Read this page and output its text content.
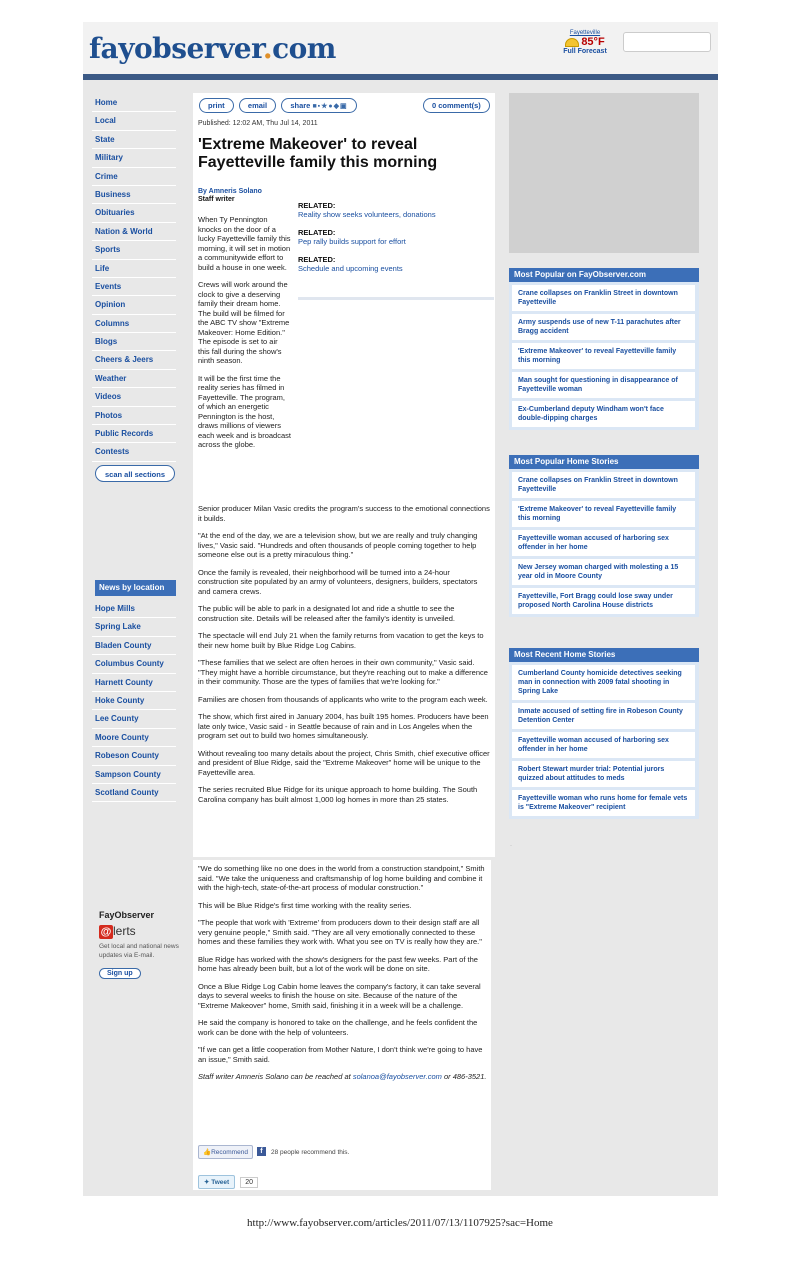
fayobserver.com	Fayetteville
85°F
Full Forecast
Home
Local
State
Military
Crime
Business
Obituaries
Nation & World
Sports
Life
Events
Opinion
Columns
Blogs
Cheers & Jeers
Weather
Videos
Photos
Public Records
Contests
scan all sections
News by location
Hope Mills
Spring Lake
Bladen County
Columbus County
Harnett County
Hoke County
Lee County
Moore County
Robeson County
Sampson County
Scotland County
print	email	share ■▪★●◆▣	0 comment(s)
Published: 12:02 AM, Thu Jul 14, 2011
'Extreme Makeover' to reveal Fayetteville family this morning
By Amneris Solano
Staff writer
RELATED:
Reality show seeks volunteers, donations
RELATED:
Pep rally builds support for effort
RELATED:
Schedule and upcoming events

When Ty Pennington knocks on the door of a lucky Fayetteville family this morning, it will set in motion a communitywide effort to build a house in one week.

Crews will work around the clock to give a deserving family their dream home. The build will be filmed for the ABC TV show "Extreme Makeover: Home Edition." The episode is set to air this fall during the show's ninth season.

It will be the first time the reality series has filmed in Fayetteville. The program, of which an energetic Pennington is the host, draws millions of viewers each week and is broadcast across the globe.

Senior producer Milan Vasic credits the program's success to the emotional connections it builds.

"At the end of the day, we are a television show, but we are really and truly changing lives," Vasic said. "Hundreds and often thousands of people coming together to help someone else out is a pretty miraculous thing."

Once the family is revealed, their neighborhood will be turned into a 24-hour construction site populated by an army of volunteers, designers, builders, spectators and camera crews.

The public will be able to park in a designated lot and ride a shuttle to see the construction site. Details will be released after the family's identity is unveiled.

The spectacle will end July 21 when the family returns from vacation to get the keys to their new home built by Blue Ridge Log Cabins.

"These families that we select are often heroes in their own community," Vasic said. "They might have a horrible circumstance, but they're reaching out to make a difference in their community. Those are the types of families that we're looking for."

Families are chosen from thousands of applicants who write to the program each week.

The show, which first aired in January 2004, has built 195 homes. Producers have been late only twice, Vasic said - in Seattle because of rain and in Los Angeles when the program set out to build two homes simultaneously.

Without revealing too many details about the project, Chris Smith, chief executive officer and president of Blue Ridge, said the "Extreme Makeover" home will be unique to the Fayetteville area.

The series recruited Blue Ridge for its unique approach to home building. The South Carolina company has built almost 1,000 log homes in more than 25 states.

"We do something like no one does in the world from a construction standpoint," Smith said. "We take the uniqueness and craftsmanship of log home building and combine it with the high-tech, state-of-the-art process of modular construction."

This will be Blue Ridge's first time working with the reality series.

"The people that work with 'Extreme' from producers down to their design staff are all very genuine people," Smith said. "They are all very emotionally connected to these homes and these families they work with. What you see on TV is really how they are."

Blue Ridge has worked with the show's designers for the past few weeks. Part of the home has already been built, but a lot of the work will be done on site.

Once a Blue Ridge Log Cabin home leaves the company's factory, it can take several days to several weeks to finish the house on site. Because of the nature of the "Extreme Makeover" home, Smith said, finishing it in a week will be a challenge.

He said the company is honored to take on the challenge, and he feels confident the work can be done with the help of volunteers.

"If we can get a little cooperation from Mother Nature, I don't think we're going to have an issue," Smith said.

Staff writer Amneris Solano can be reached at solanoa@fayobserver.com or 486-3521.

👍Recommend f 28 people recommend this.
✦ Tweet 20
Most Popular on FayObserver.com
Crane collapses on Franklin Street in downtown Fayetteville
Army suspends use of new T-11 parachutes after Bragg accident
'Extreme Makeover' to reveal Fayetteville family this morning
Man sought for questioning in disappearance of Fayetteville woman
Ex-Cumberland deputy Windham won't face double-dipping charges
Most Popular Home Stories
Crane collapses on Franklin Street in downtown Fayetteville
'Extreme Makeover' to reveal Fayetteville family this morning
Fayetteville woman accused of harboring sex offender in her home
New Jersey woman charged with molesting a 15 year old in Moore County
Fayetteville, Fort Bragg could lose sway under proposed North Carolina House districts
Most Recent Home Stories
Cumberland County homicide detectives seeking man in connection with 2009 fatal shooting in Spring Lake
Inmate accused of setting fire in Robeson County Detention Center
Fayetteville woman accused of harboring sex offender in her home
Robert Stewart murder trial: Potential jurors quizzed about attitudes to meds
Fayetteville woman who runs home for female vets is "Extreme Makeover" recipient
·
FayObserver
@ lerts
Get local and national news updates via E-mail.
Sign up
http://www.fayobserver.com/articles/2011/07/13/1107925?sac=Home
